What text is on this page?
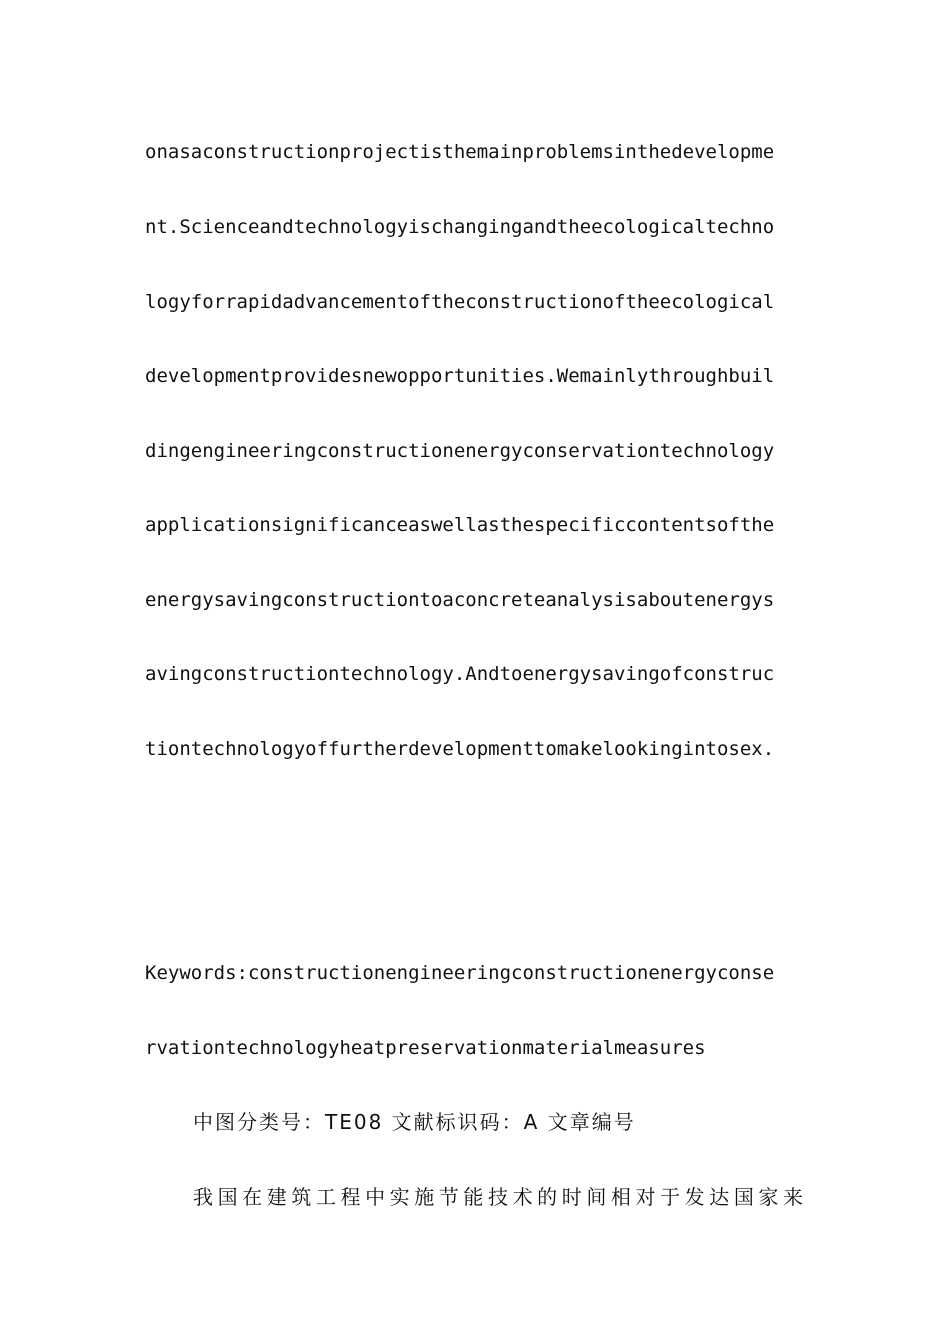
onasaconstructionprojectisthemainproblemsinthedevelopme
nt.Scienceandtechnologyischangingandtheecologicaltechno
logyforrapidadvancementoftheconstructionoftheecological
developmentprovidesnewopportunities.Wemainlythroughbuil
dingengineeringconstructionenergyconservationtechnology
applicationsignificanceaswellasthespecificcontentsofthe
energysavingconstructiontoaconcreteanalysisaboutenergys
avingconstructiontechnology.Andtoenergysavingofconstruc
tiontechnologyoffurtherdevelopmenttomakelookingintosex.
Keywords:constructionengineeringconstructionenergyconse
rvationtechnologyheatpreservationmaterialmeasures
中图分类号：TE08 文献标识码：A 文章编号
我国在建筑工程中实施节能技术的时间相对于发达国家来
